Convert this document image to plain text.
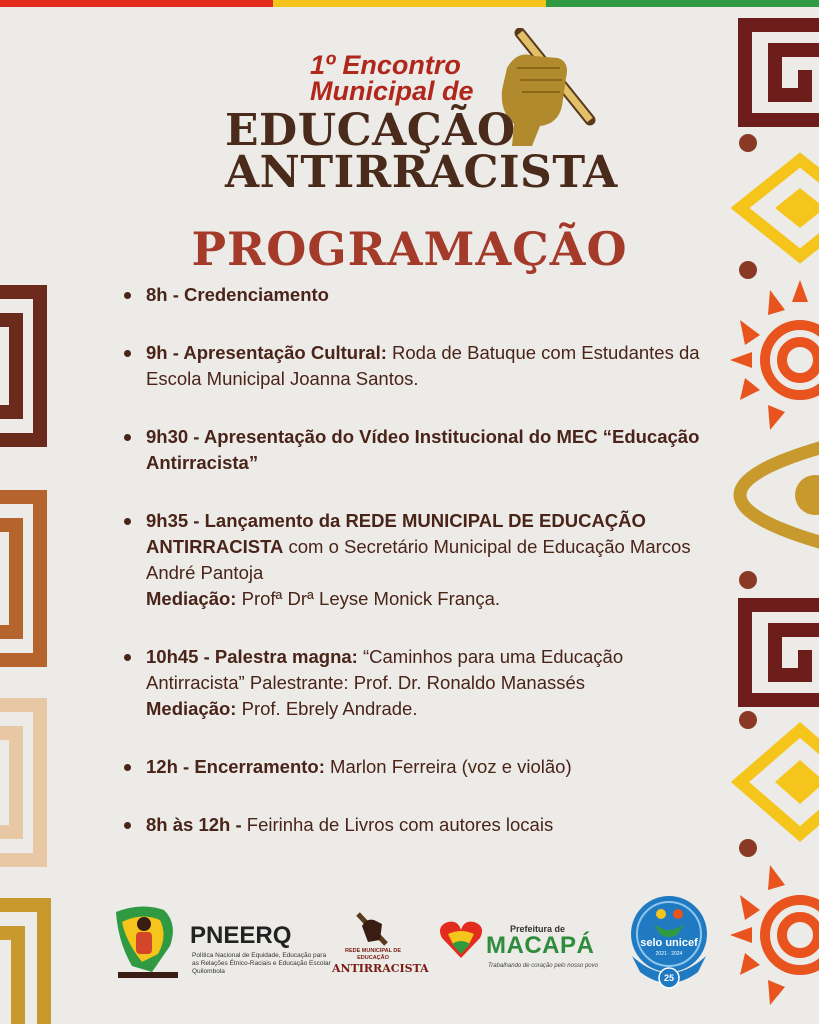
1º Encontro
Municipal de
EDUCAÇÃO
ANTIRRACISTA
PROGRAMAÇÃO
8h - Credenciamento
9h - Apresentação Cultural: Roda de Batuque com Estudantes da Escola Municipal Joanna Santos.
9h30 - Apresentação do Vídeo Institucional do MEC “Educação Antirracista”
9h35 - Lançamento da REDE MUNICIPAL DE EDUCAÇÃO ANTIRRACISTA com o Secretário Municipal de Educação Marcos André Pantoja
Mediação: Profª Drª Leyse Monick França.
10h45 - Palestra magna: “Caminhos para uma Educação Antirracista” Palestrante: Prof. Dr. Ronaldo Manassés
Mediação: Prof. Ebrely Andrade.
12h - Encerramento: Marlon Ferreira (voz e violão)
8h às 12h - Feirinha de Livros com autores locais
PNEERQ
Política Nacional de Equidade, Educação para as Relações Étnico-Raciais e Educação Escolar Quilombola
REDE MUNICIPAL DE EDUCAÇÃO
ANTIRRACISTA
Prefeitura de
MACAPÁ
Trabalhando de coração pelo nosso povo
selo unicef
2021 · 2024
25
